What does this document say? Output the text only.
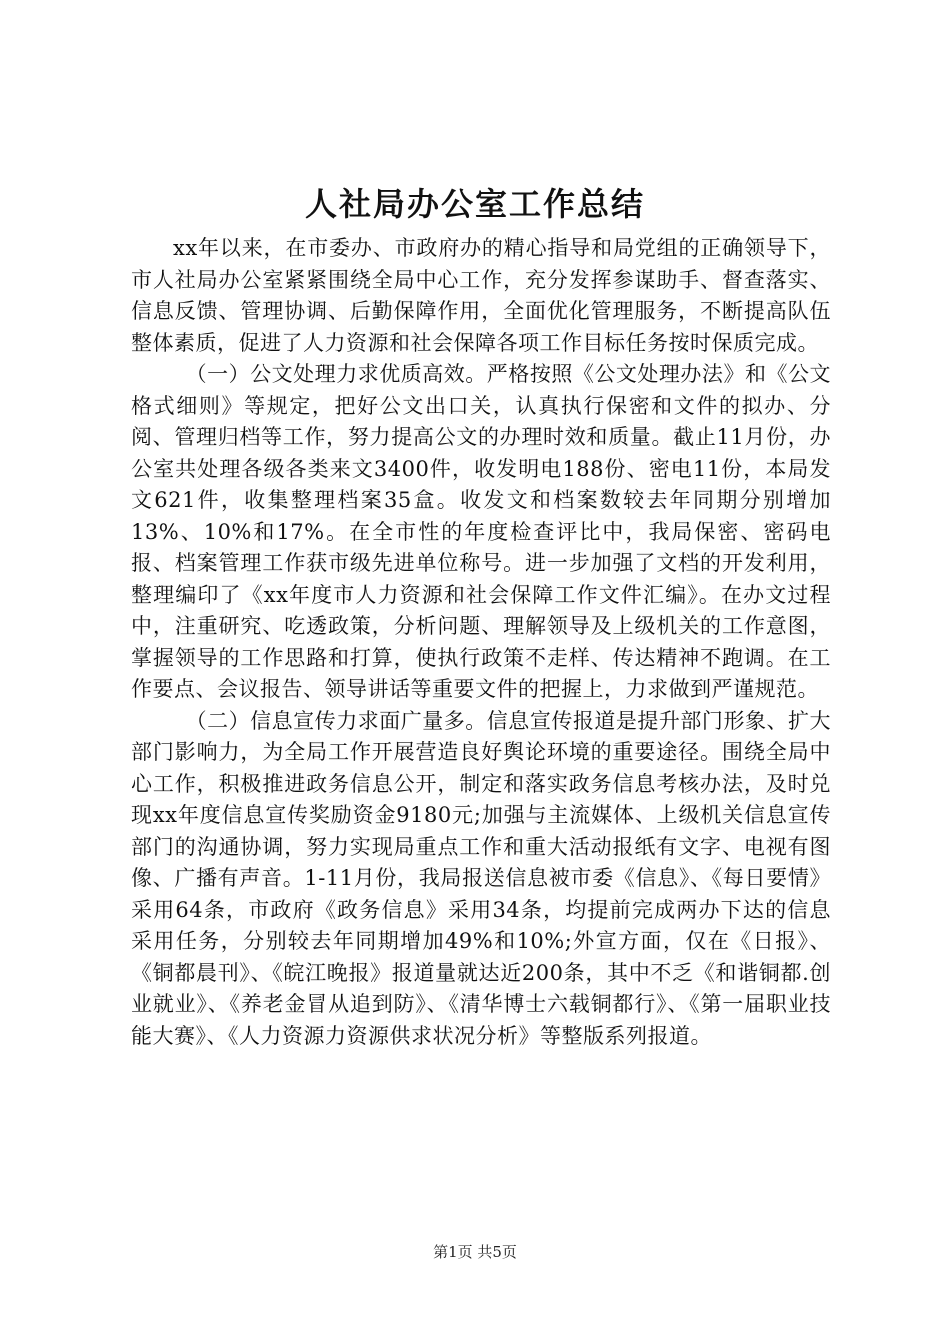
人社局办公室工作总结

xx年以来，在市委办、市政府办的精心指导和局党组的正确领导下，市人社局办公室紧紧围绕全局中心工作，充分发挥参谋助手、督查落实、信息反馈、管理协调、后勤保障作用，全面优化管理服务，不断提高队伍整体素质，促进了人力资源和社会保障各项工作目标任务按时保质完成。

（一）公文处理力求优质高效。严格按照《公文处理办法》和《公文格式细则》等规定，把好公文出口关，认真执行保密和文件的拟办、分阅、管理归档等工作，努力提高公文的办理时效和质量。截止11月份，办公室共处理各级各类来文3400件，收发明电188份、密电11份，本局发文621件，收集整理档案35盒。收发文和档案数较去年同期分别增加13%、10%和17%。在全市性的年度检查评比中，我局保密、密码电报、档案管理工作获市级先进单位称号。进一步加强了文档的开发利用，整理编印了《xx年度市人力资源和社会保障工作文件汇编》。在办文过程中，注重研究、吃透政策，分析问题、理解领导及上级机关的工作意图，掌握领导的工作思路和打算，使执行政策不走样、传达精神不跑调。在工作要点、会议报告、领导讲话等重要文件的把握上，力求做到严谨规范。

（二）信息宣传力求面广量多。信息宣传报道是提升部门形象、扩大部门影响力，为全局工作开展营造良好舆论环境的重要途径。围绕全局中心工作，积极推进政务信息公开，制定和落实政务信息考核办法，及时兑现xx年度信息宣传奖励资金9180元;加强与主流媒体、上级机关信息宣传部门的沟通协调，努力实现局重点工作和重大活动报纸有文字、电视有图像、广播有声音。1-11月份，我局报送信息被市委《信息》、《每日要情》采用64条，市政府《政务信息》采用34条，均提前完成两办下达的信息采用任务，分别较去年同期增加49%和10%;外宣方面，仅在《日报》、《铜都晨刊》、《皖江晚报》报道量就达近200条，其中不乏《和谐铜都.创业就业》、《养老金冒从追到防》、《清华博士六载铜都行》、《第一届职业技能大赛》、《人力资源力资源供求状况分析》等整版系列报道。

第1页 共5页
